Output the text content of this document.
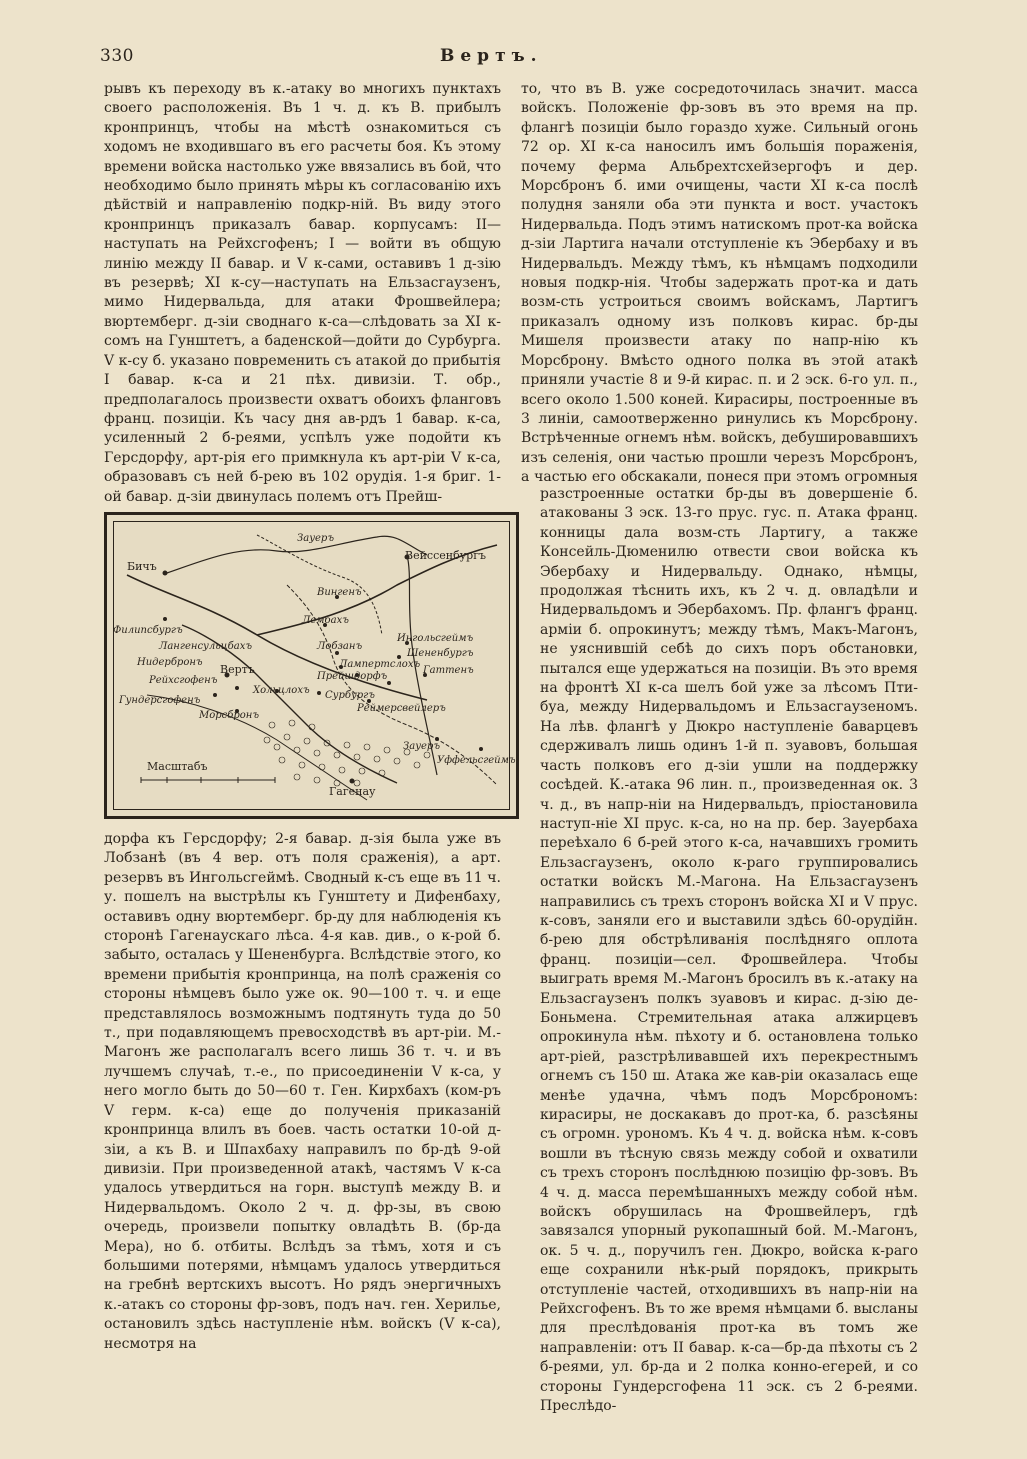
330	Вертъ.

рывъ къ переходу въ к.-атаку во многихъ пунктахъ своего расположенія. Въ 1 ч. д. къ В. прибылъ кронпринцъ, чтобы на мѣстѣ ознакомиться съ ходомъ не входившаго въ его расчеты боя. Къ этому времени войска настолько уже ввязались въ бой, что необходимо было принять мѣры къ согласованію ихъ дѣйствій и направленію подкр-ній. Въ виду этого кронпринцъ приказалъ бавар. корпусамъ: II—наступать на Рейхсгофенъ; I — войти въ общую линію между II бавар. и V к-сами, оставивъ 1 д-зію въ резервѣ; XI к-су—наступать на Ельзасгаузенъ, мимо Нидервальда, для атаки Фрошвейлера; вюртемберг. д-зіи своднаго к-са—слѣдовать за XI к-сомъ на Гунштетъ, а баденской—дойти до Сурбурга. V к-су б. указано повременить съ атакой до прибытія I бавар. к-са и 21 пѣх. дивизіи. Т. обр., предполагалось произвести охватъ обоихъ фланговъ франц. позиціи. Къ часу дня ав-рдъ 1 бавар. к-са, усиленный 2 б-реями, успѣлъ уже подойти къ Герсдорфу, арт-рія его примкнула къ арт-ріи V к-са, образовавъ съ ней б-рею въ 102 орудія. 1-я бриг. 1-ой бавар. д-зіи двинулась полемъ отъ Прейш-

Зауеръ
Бичъ
Вейссенбургъ
Вингенъ
Лембахъ
Филипсбургъ
Лангенсульцбахъ	Лобзанъ
Ингольсгеймъ
Шененбургъ
Нидербронъ
Вертъ	Лампертслохъ
Гаттенъ
Рейхсгофенъ	Прейшдорфъ
Хольцлохъ Сурбургъ
Гундерсгофенъ
Реймерсвейлеръ
Морсбронъ
Зауеръ
Уффельсгеймъ
Масштабъ
Гагенау

дорфа къ Герсдорфу; 2-я бавар. д-зія была уже въ Лобзанѣ (въ 4 вер. отъ поля сраженія), а арт. резервъ въ Ингольсгеймѣ. Сводный к-съ еще въ 11 ч. у. пошелъ на выстрѣлы къ Гунштету и Дифенбаху, оставивъ одну вюртемберг. бр-ду для наблюденія къ сторонѣ Гагенаускаго лѣса. 4-я кав. див., о к-рой б. забыто, осталась у Шененбурга. Вслѣдствіе этого, ко времени прибытія кронпринца, на полѣ сраженія со стороны нѣмцевъ было уже ок. 90—100 т. ч. и еще представлялось возможнымъ подтянуть туда до 50 т., при подавляющемъ превосходствѣ въ арт-ріи. М.-Магонъ же располагалъ всего лишь 36 т. ч. и въ лучшемъ случаѣ, т.-е., по присоединеніи V к-са, у него могло быть до 50—60 т. Ген. Кирхбахъ (ком-ръ V герм. к-са) еще до полученія приказаній кронпринца влилъ въ боев. часть остатки 10-ой д-зіи, а къ В. и Шпахбаху направилъ по бр-дѣ 9-ой дивизіи. При произведенной атакѣ, частямъ V к-са удалось утвердиться на горн. выступѣ между В. и Нидервальдомъ. Около 2 ч. д. фр-зы, въ свою очередь, произвели попытку овладѣть В. (бр-да Мера), но б. отбиты. Вслѣдъ за тѣмъ, хотя и съ большими потерями, нѣмцамъ удалось утвердиться на гребнѣ вертскихъ высотъ. Но рядъ энергичныхъ к.-атакъ со стороны фр-зовъ, подъ нач. ген. Херилье, остановилъ здѣсь наступленіе нѣм. войскъ (V к-са), несмотря на

то, что въ В. уже сосредоточилась значит. масса войскъ. Положеніе фр-зовъ въ это время на пр. флангѣ позиціи было гораздо хуже. Сильный огонь 72 ор. XI к-са наносилъ имъ большія пораженія, почему ферма Альбрехтсхейзергофъ и дер. Морсбронъ б. ими очищены, части XI к-са послѣ полудня заняли оба эти пункта и вост. участокъ Нидервальда. Подъ этимъ натискомъ прот-ка войска д-зіи Лартига начали отступленіе къ Эбербаху и въ Нидервальдъ. Между тѣмъ, къ нѣмцамъ подходили новыя подкр-нія. Чтобы задержать прот-ка и дать возм-сть устроиться своимъ войскамъ, Лартигъ приказалъ одному изъ полковъ кирас. бр-ды Мишеля произвести атаку по напр-нію къ Морсброну. Вмѣсто одного полка въ этой атакѣ приняли участіе 8 и 9-й кирас. п. и 2 эск. 6-го ул. п., всего около 1.500 коней. Кирасиры, построенные въ 3 линіи, самоотверженно ринулись къ Морсброну. Встрѣченные огнемъ нѣм. войскъ, дебушировавшихъ изъ селенія, они частью прошли черезъ Морсбронъ, а частью его обскакали, понеся при этомъ огромныя

разстроенные остатки бр-ды въ довершеніе б. атакованы 3 эск. 13-го прус. гус. п. Атака франц. конницы дала возм-сть Лартигу, а также Консейль-Дюменилю отвести свои войска къ Эбербаху и Нидервальду. Однако, нѣмцы, продолжая тѣснить ихъ, къ 2 ч. д. овладѣли и Нидервальдомъ и Эбербахомъ. Пр. флангъ франц. арміи б. опрокинутъ; между тѣмъ, Макъ-Магонъ, не уяснившій себѣ до сихъ поръ обстановки, пытался еще удержаться на позиціи. Въ это время на фронтѣ XI к-са шелъ бой уже за лѣсомъ Пти-буа, между Нидервальдомъ и Ельзасгаузеномъ. На лѣв. флангѣ у Дюкро наступленіе баварцевъ сдерживалъ лишь одинъ 1-й п. зуавовъ, большая часть полковъ его д-зіи ушли на поддержку сосѣдей. К.-атака 96 лин. п., произведенная ок. 3 ч. д., въ напр-ніи на Нидервальдъ, пріостановила наступ-ніе XI прус. к-са, но на пр. бер. Зауербаха переѣхало 6 б-рей этого к-са, начавшихъ громить Ельзасгаузенъ, около к-раго группировались остатки войскъ М.-Магона. На Ельзасгаузенъ направились съ трехъ сторонъ войска XI и V прус. к-совъ, заняли его и выставили здѣсь 60-орудійн. б-рею для обстрѣливанія послѣдняго оплота франц. позиціи—сел. Фрошвейлера. Чтобы выиграть время М.-Магонъ бросилъ въ к.-атаку на Ельзасгаузенъ полкъ зуавовъ и кирас. д-зію де-Боньмена. Стремительная атака алжирцевъ опрокинула нѣм. пѣхоту и б. остановлена только арт-ріей, разстрѣливавшей ихъ перекрестнымъ огнемъ съ 150 ш. Атака же кав-ріи оказалась еще менѣе удачна, чѣмъ подъ Морсброномъ: кирасиры, не доскакавъ до прот-ка, б. разсѣяны съ огромн. урономъ. Къ 4 ч. д. войска нѣм. к-совъ вошли въ тѣсную связь между собой и охватили съ трехъ сторонъ послѣднюю позицію фр-зовъ. Въ 4 ч. д. масса перемѣшанныхъ между собой нѣм. войскъ обрушилась на Фрошвейлеръ, гдѣ завязался упорный рукопашный бой. М.-Магонъ, ок. 5 ч. д., поручилъ ген. Дюкро, войска к-раго еще сохранили нѣк-рый порядокъ, прикрыть отступленіе частей, отходившихъ въ напр-ніи на Рейхсгофенъ. Въ то же время нѣмцами б. высланы для преслѣдованія прот-ка въ томъ же направленіи: отъ II бавар. к-са—бр-да пѣхоты съ 2 б-реями, ул. бр-да и 2 полка конно-егерей, и со стороны Гундерсгофена 11 эск. съ 2 б-реями. Преслѣдо-
